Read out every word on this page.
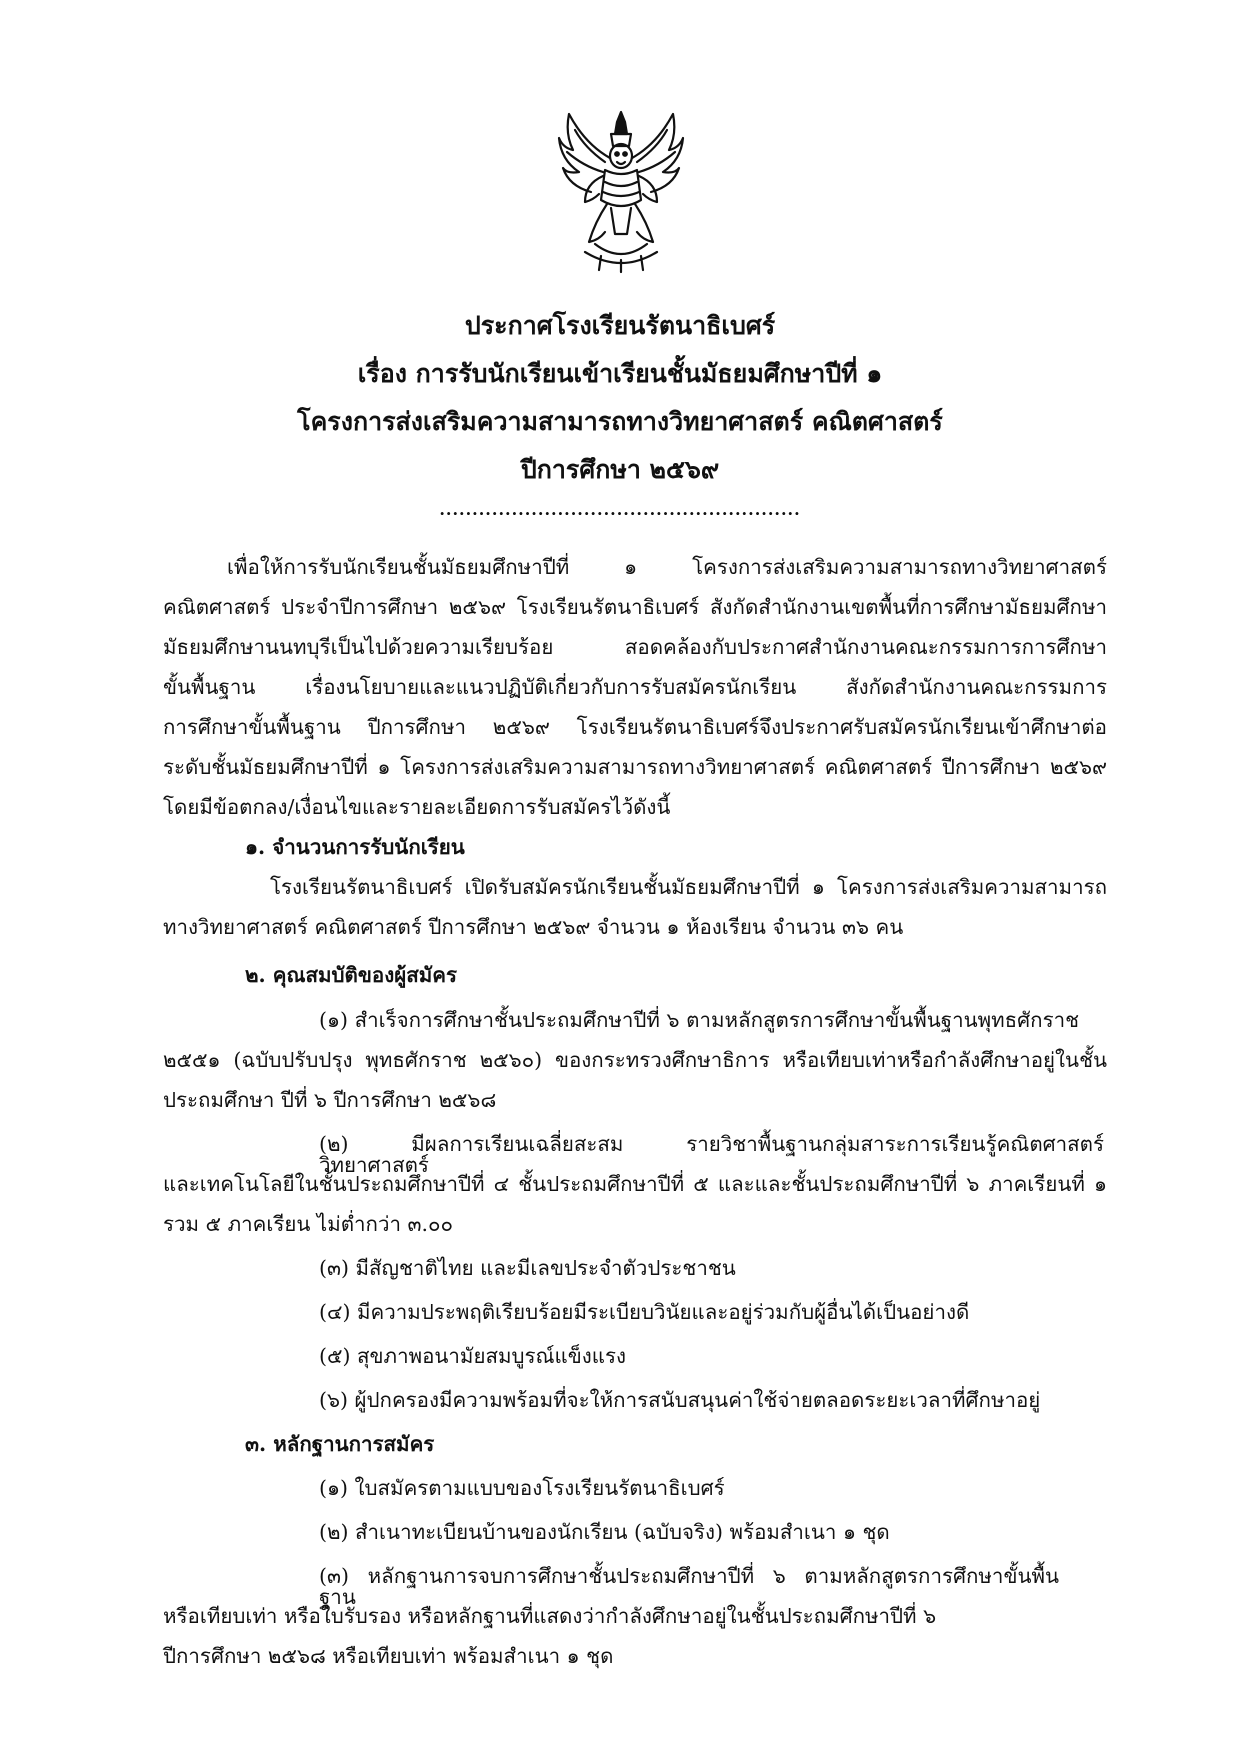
ประกาศโรงเรียนรัตนาธิเบศร์
เรื่อง การรับนักเรียนเข้าเรียนชั้นมัธยมศึกษาปีที่ ๑
โครงการส่งเสริมความสามารถทางวิทยาศาสตร์ คณิตศาสตร์
ปีการศึกษา ๒๕๖๙
.......................................................
เพื่อให้การรับนักเรียนชั้นมัธยมศึกษาปีที่ ๑ โครงการส่งเสริมความสามารถทางวิทยาศาสตร์
คณิตศาสตร์ ประจำปีการศึกษา ๒๕๖๙ โรงเรียนรัตนาธิเบศร์ สังกัดสำนักงานเขตพื้นที่การศึกษามัธยมศึกษา
มัธยมศึกษานนทบุรีเป็นไปด้วยความเรียบร้อย สอดคล้องกับประกาศสำนักงานคณะกรรมการการศึกษา
ขั้นพื้นฐาน เรื่องนโยบายและแนวปฏิบัติเกี่ยวกับการรับสมัครนักเรียน สังกัดสำนักงานคณะกรรมการ
การศึกษาขั้นพื้นฐาน ปีการศึกษา ๒๕๖๙ โรงเรียนรัตนาธิเบศร์จึงประกาศรับสมัครนักเรียนเข้าศึกษาต่อ
ระดับชั้นมัธยมศึกษาปีที่ ๑ โครงการส่งเสริมความสามารถทางวิทยาศาสตร์ คณิตศาสตร์ ปีการศึกษา ๒๕๖๙
โดยมีข้อตกลง/เงื่อนไขและรายละเอียดการรับสมัครไว้ดังนี้
๑. จำนวนการรับนักเรียน
โรงเรียนรัตนาธิเบศร์ เปิดรับสมัครนักเรียนชั้นมัธยมศึกษาปีที่ ๑ โครงการส่งเสริมความสามารถ
ทางวิทยาศาสตร์ คณิตศาสตร์ ปีการศึกษา ๒๕๖๙ จำนวน ๑ ห้องเรียน จำนวน ๓๖ คน
๒. คุณสมบัติของผู้สมัคร
(๑) สำเร็จการศึกษาชั้นประถมศึกษาปีที่ ๖ ตามหลักสูตรการศึกษาขั้นพื้นฐานพุทธศักราช
๒๕๕๑ (ฉบับปรับปรุง พุทธศักราช ๒๕๖๐) ของกระทรวงศึกษาธิการ หรือเทียบเท่าหรือกำลังศึกษาอยู่ในชั้น
ประถมศึกษา ปีที่ ๖ ปีการศึกษา ๒๕๖๘
(๒) มีผลการเรียนเฉลี่ยสะสม รายวิชาพื้นฐานกลุ่มสาระการเรียนรู้คณิตศาสตร์ วิทยาศาสตร์
และเทคโนโลยีในชั้นประถมศึกษาปีที่ ๔ ชั้นประถมศึกษาปีที่ ๕ และและชั้นประถมศึกษาปีที่ ๖ ภาคเรียนที่ ๑
รวม ๕ ภาคเรียน ไม่ต่ำกว่า ๓.๐๐
(๓) มีสัญชาติไทย และมีเลขประจำตัวประชาชน
(๔) มีความประพฤติเรียบร้อยมีระเบียบวินัยและอยู่ร่วมกับผู้อื่นได้เป็นอย่างดี
(๕) สุขภาพอนามัยสมบูรณ์แข็งแรง
(๖) ผู้ปกครองมีความพร้อมที่จะให้การสนับสนุนค่าใช้จ่ายตลอดระยะเวลาที่ศึกษาอยู่
๓. หลักฐานการสมัคร
(๑) ใบสมัครตามแบบของโรงเรียนรัตนาธิเบศร์
(๒) สำเนาทะเบียนบ้านของนักเรียน (ฉบับจริง) พร้อมสำเนา ๑ ชุด
(๓) หลักฐานการจบการศึกษาชั้นประถมศึกษาปีที่ ๖ ตามหลักสูตรการศึกษาขั้นพื้นฐาน
หรือเทียบเท่า หรือใบรับรอง หรือหลักฐานที่แสดงว่ากำลังศึกษาอยู่ในชั้นประถมศึกษาปีที่ ๖
ปีการศึกษา ๒๕๖๘ หรือเทียบเท่า พร้อมสำเนา ๑ ชุด
